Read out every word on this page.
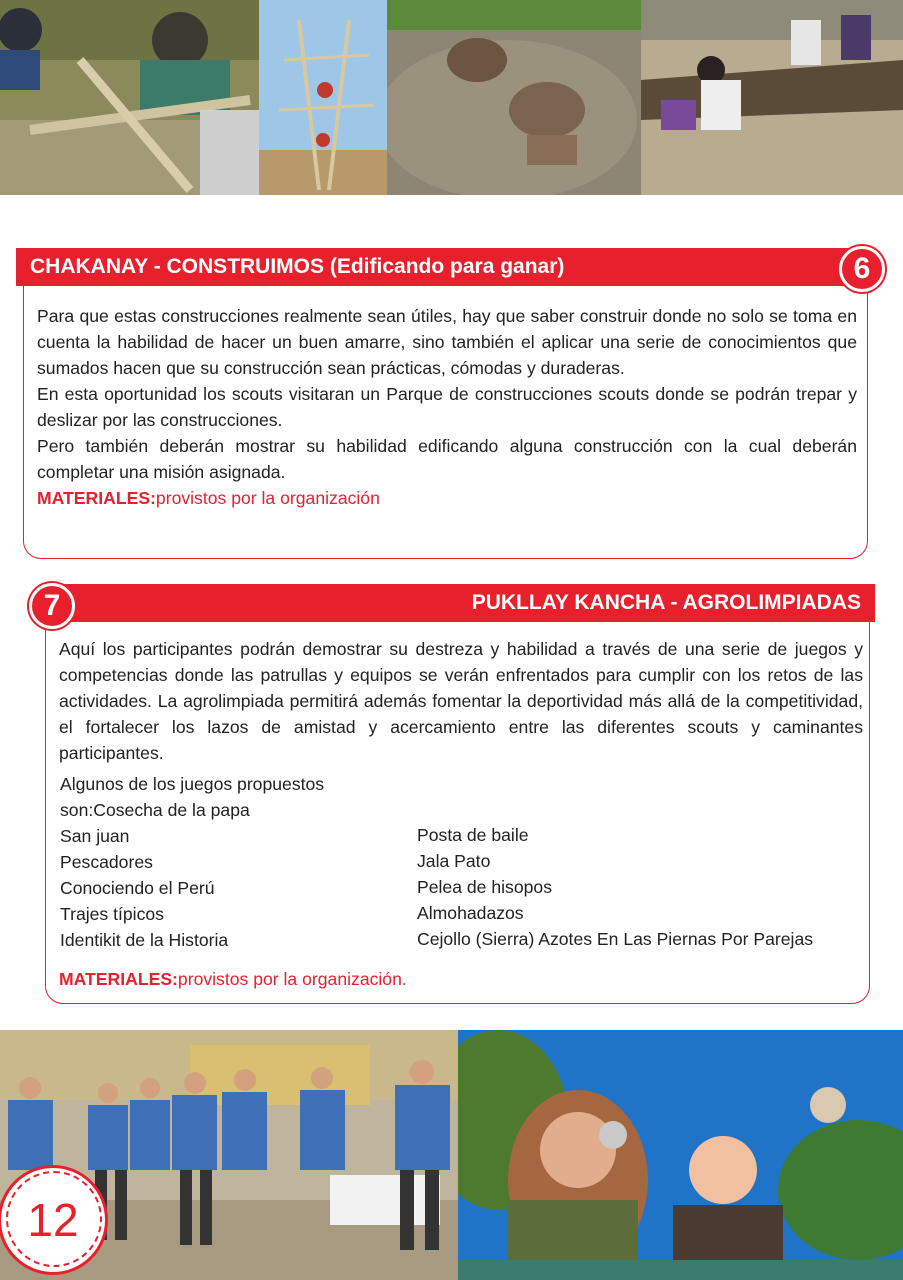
Para que estas construcciones realmente sean útiles, hay que saber construir donde no solo se toma en cuenta la habilidad de hacer un buen amarre, sino también el aplicar una serie de conocimientos que sumados hacen que su construcción sean prácticas, cómodas y duraderas.

En esta oportunidad los scouts visitaran un Parque de construcciones scouts donde se podrán trepar y deslizar por las construcciones.

Pero también deberán mostrar su habilidad edificando alguna construcción con la cual deberán completar una misión asignada.

MATERIALES:provistos por la organización

CHAKANAY - CONSTRUIMOS (Edificando para ganar)	6

Aquí los participantes podrán demostrar su destreza y habilidad a través de una serie de juegos y competencias donde las patrullas y equipos se verán enfrentados para cumplir con los retos de las actividades. La agrolimpiada permitirá además fomentar la deportividad más allá de la competitividad, el fortalecer los lazos de amistad y acercamiento entre las diferentes scouts y caminantes participantes.

Algunos de los juegos propuestos
son:Cosecha de la papa
San juan
Pescadores
Conociendo el Perú
Trajes típicos
Identikit de la Historia
Posta de baile
Jala Pato
Pelea de hisopos
Almohadazos
Cejollo (Sierra) Azotes En Las Piernas Por Parejas

MATERIALES:provistos por la organización.

PUKLLAY KANCHA - AGROLIMPIADAS
7
12
